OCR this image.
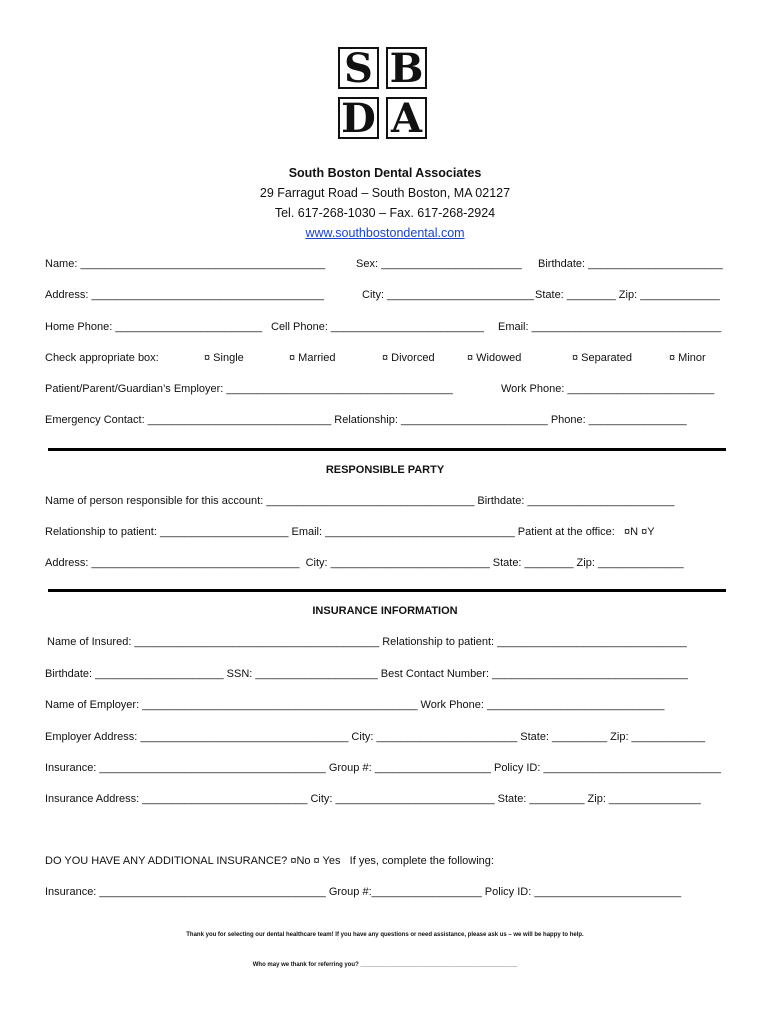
S B
D A
South Boston Dental Associates
29 Farragut Road – South Boston, MA 02127
Tel. 617-268-1030 – Fax. 617-268-2924
www.southbostondental.com
Name: ________________________________________	Sex: _______________________ Birthdate: ______________________
Address: ______________________________________	City: ________________________ State: ________ Zip: _____________
Home Phone: ________________________ Cell Phone: _________________________ Email: _______________________________
Check appropriate box:	¤ Single	¤ Married	¤ Divorced	¤ Widowed	¤ Separated	¤ Minor
Patient/Parent/Guardian’s Employer: _____________________________________	Work Phone: ________________________
Emergency Contact: ______________________________ Relationship: ________________________ Phone: ________________
RESPONSIBLE PARTY
Name of person responsible for this account: __________________________________ Birthdate: ________________________
Relationship to patient: _____________________ Email: _______________________________ Patient at the office:   ¤N ¤Y
Address: __________________________________  City: __________________________ State: ________ Zip: ______________
INSURANCE INFORMATION
Name of Insured: ________________________________________ Relationship to patient: _______________________________
Birthdate: _____________________ SSN: ____________________ Best Contact Number: ________________________________
Name of Employer: _____________________________________________ Work Phone: _____________________________
Employer Address: __________________________________ City: _______________________ State: _________ Zip: ____________
Insurance: _____________________________________ Group #: ___________________ Policy ID: _____________________________
Insurance Address: ___________________________ City: __________________________ State: _________ Zip: _______________
DO YOU HAVE ANY ADDITIONAL INSURANCE? ¤No ¤ Yes   If yes, complete the following:
Insurance: _____________________________________ Group #:__________________ Policy ID: ________________________
Thank you for selecting our dental healthcare team! If you have any questions or need assistance, please ask us – we will be happy to help.
Who may we thank for referring you? _______________________________________________
